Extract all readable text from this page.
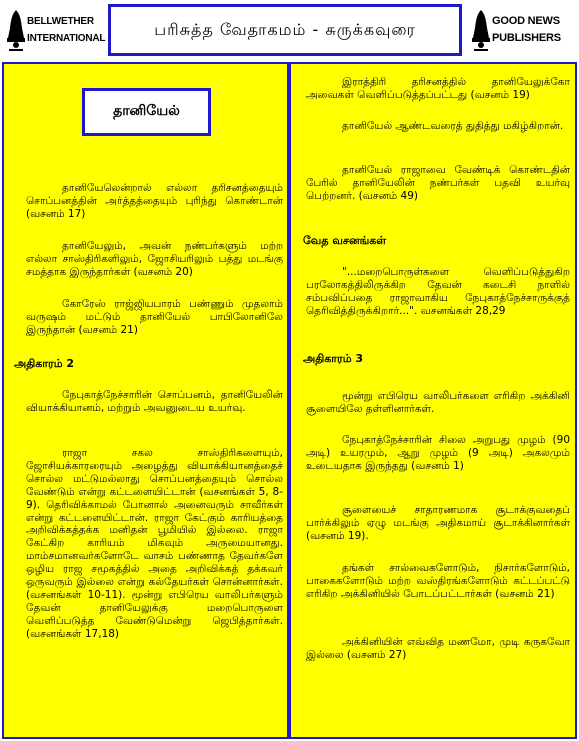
BELLWETHER
INTERNATIONAL	பரிசுத்த வேதாகமம் - சுருக்கவுரை	GOOD NEWS
PUBLISHERS
தானியேல்
தானியேலென்றால் எல்லா தரிசனத்தையும் சொப்பனத்தின் அர்த்தத்தையும் புரிந்து கொண்டான் (வசனம் 17)
தானியேலும், அவன் நண்பர்களும் மற்ற எல்லா சாஸ்திரிகளிலும், ஜோசியரிலும் பத்து மடங்கு சமத்தாக இருந்தார்கள் (வசனம் 20)
கோரேஸ் ராஜ்ஜியபாரம் பண்ணும் முதலாம் வருஷம் மட்டும் தானியேல் பாபிலோனிலே இருந்தான் (வசனம் 21)
அதிகாரம் 2
நேபுகாத்நேச்சாரின் சொப்பனம், தானியேலின் வியாக்கியானம், மற்றும் அவனுடைய உயர்வு.
ராஜா சகல சாஸ்திரிகளையும், ஜோசியக்காரரையும் அழைத்து வியாக்கியானத்தைச் சொல்ல மட்டுமல்லாது சொப்பனத்தையும் சொல்ல வேண்டும் என்று கட்டளையிட்டான் (வசனங்கள் 5, 8-9). தெரிவிக்காமல் போனால் அனைவரும் சாவீர்கள் என்று கட்டளையிட்டான். ராஜா கேட்கும் காரியத்தை அறிவிக்கத்தக்க மனிதன் பூமியில் இல்லை. ராஜா கேட்கிற காரியம் மிகவும் அருமையானது. மாம்சமானவர்களோடே வாசம் பண்ணாத தேவர்களே ஒழிய ராஜ சமூகத்தில் அதை அறிவிக்கத் தக்கவர் ஒருவரும் இல்லை என்று கல்தேயர்கள் சொன்னார்கள். (வசனங்கள் 10-11). மூன்று எபிரெய வாலிபர்களும் தேவன் தானியேலுக்கு மறைபொருளை வெளிப்படுத்த வேண்டுமென்று ஜெபித்தார்கள். (வசனங்கள் 17,18)
இராத்திரி தரிசனத்தில் தானியேலுக்கோ அவைகள் வெளிப்படுத்தப்பட்டது (வசனம் 19)
தானியேல் ஆண்டவரைத் துதித்து மகிழ்கிறான்.
தானியேல் ராஜாவை வேண்டிக் கொண்டதின் பேரில் தானியேலின் நண்பர்கள் பதவி உயர்வு பெற்றனர். (வசனம் 49)
வேத வசனங்கள்
"...மறைபொருள்களை வெளிப்படுத்துகிற பரலோகத்திலிருக்கிற தேவன் கடைசி நாளில் சம்பவிப்பதை ராஜாவாகிய நேபுகாத்நேச்சாருக்குத் தெரிவித்திருக்கிறார்...". வசனங்கள் 28,29
அதிகாரம் 3
மூன்று எபிரெய வாலிபர்களை எரிகிற அக்கினி சூளையிலே தள்ளினார்கள்.
நேபுகாத்நேச்சாரின் சிலை அறுபது முழம் (90 அடி) உயரமும், ஆறு முழம் (9 அடி) அகலமும் உடையதாக இருந்தது (வசனம் 1)
சூளையைச் சாதாரணமாக சூடாக்குவதைப் பார்க்கிலும் ஏழு மடங்கு அதிகமாய் சூடாக்கினார்கள் (வசனம் 19).
தங்கள் சால்வைகளோடும், நிசார்களோடும், பாகைகளோடும் மற்ற வஸ்திரங்களோடும் கட்டப்பட்டு எரிகிற அக்கினியில் போடப்பட்டார்கள் (வசனம் 21)
அக்கினியின் எவ்வித மணமோ, முடி கருகவோ இல்லை (வசனம் 27)
